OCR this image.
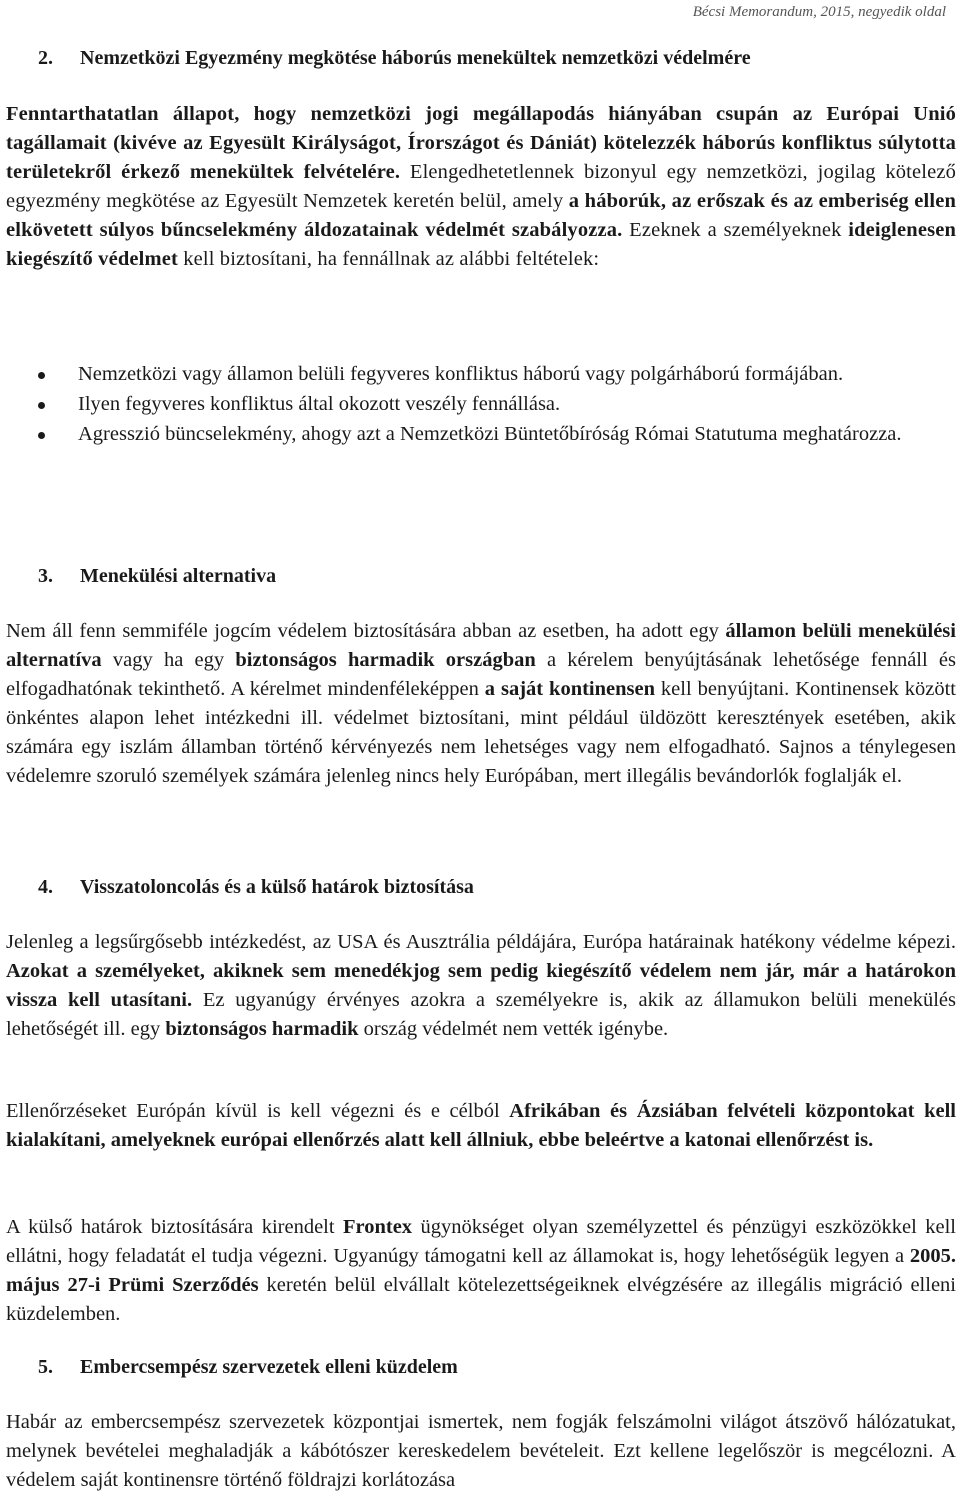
Bécsi Memorandum, 2015, negyedik oldal
2. Nemzetközi Egyezmény megkötése háborús menekültek nemzetközi védelmére

Fenntarthatatlan állapot, hogy nemzetközi jogi megállapodás hiányában csupán az Európai Unió tagállamait (kivéve az Egyesült Királyságot, Írországot és Dániát) kötelezzék háborús konfliktus súlytotta területekről érkező menekültek felvételére. Elengedhetetlennek bizonyul egy nemzetközi, jogilag kötelező egyezmény megkötése az Egyesült Nemzetek keretén belül, amely a háborúk, az erőszak és az emberiség ellen elkövetett súlyos bűncselekmény áldozatainak védelmét szabályozza. Ezeknek a személyeknek ideiglenesen kiegészítő védelmet kell biztosítani, ha fennállnak az alábbi feltételek:

Nemzetközi vagy államon belüli fegyveres konfliktus háború vagy polgárháború formájában.
Ilyen fegyveres konfliktus által okozott veszély fennállása.
Agresszió büncselekmény, ahogy azt a Nemzetközi Büntetőbíróság Római Statutuma meghatározza.
3. Menekülési alternativa

Nem áll fenn semmiféle jogcím védelem biztosítására abban az esetben, ha adott egy államon belüli menekülési alternatíva vagy ha egy biztonságos harmadik országban a kérelem benyújtásának lehetősége fennáll és elfogadhatónak tekinthető. A kérelmet mindenféleképpen a saját kontinensen kell benyújtani. Kontinensek között önkéntes alapon lehet intézkedni ill. védelmet biztosítani, mint például üldözött keresztények esetében, akik számára egy iszlám államban történő kérvényezés nem lehetséges vagy nem elfogadható. Sajnos a ténylegesen védelemre szoruló személyek számára jelenleg nincs hely Európában, mert illegális bevándorlók foglalják el.

4. Visszatoloncolás és a külső határok biztosítása

Jelenleg a legsűrgősebb intézkedést, az USA és Ausztrália példájára, Európa határainak hatékony védelme képezi. Azokat a személyeket, akiknek sem menedékjog sem pedig kiegészítő védelem nem jár, már a határokon vissza kell utasítani. Ez ugyanúgy érvényes azokra a személyekre is, akik az államukon belüli menekülés lehetőségét ill. egy biztonságos harmadik ország védelmét nem vették igénybe.

Ellenőrzéseket Európán kívül is kell végezni és e célból Afrikában és Ázsiában felvételi központokat kell kialakítani, amelyeknek európai ellenőrzés alatt kell állniuk, ebbe beleértve a katonai ellenőrzést is.

A külső határok biztosítására kirendelt Frontex ügynökséget olyan személyzettel és pénzügyi eszközökkel kell ellátni, hogy feladatát el tudja végezni. Ugyanúgy támogatni kell az államokat is, hogy lehetőségük legyen a 2005. május 27-i Prümi Szerződés keretén belül elvállalt kötelezettségeiknek elvégzésére az illegális migráció elleni küzdelemben.

5. Embercsempész szervezetek elleni küzdelem

Habár az embercsempész szervezetek központjai ismertek, nem fogják felszámolni világot átszövő hálózatukat, melynek bevételei meghaladják a kábótószer kereskedelem bevételeit. Ezt kellene legelőször is megcélozni. A védelem saját kontinensre történő földrajzi korlátozása
